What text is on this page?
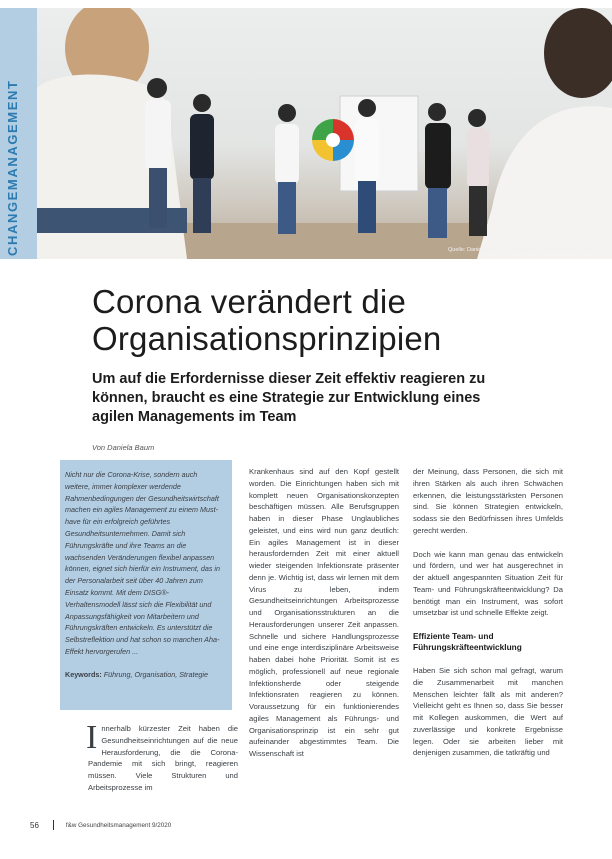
CHANGEMANAGEMENT	Quelle: Daniela Baum · Freistellung: Gesundheitswirtschaft
Corona verändert die Organisationsprinzipien
Um auf die Erfordernisse dieser Zeit effektiv reagieren zu können, braucht es eine Strategie zur Entwicklung eines agilen Managements im Team
Von Daniela Baum

Nicht nur die Corona-Krise, sondern auch weitere, immer komplexer werdende Rahmenbedingungen der Gesundheitswirtschaft machen ein agiles Management zu einem Must-have für ein erfolgreich geführtes Gesundheitsunternehmen. Damit sich Führungskräfte und ihre Teams an die wachsenden Veränderungen flexibel anpassen können, eignet sich hierfür ein Instrument, das in der Personalarbeit seit über 40 Jahren zum Einsatz kommt. Mit dem DISG®-Verhaltensmodell lässt sich die Flexibilität und Anpassungsfähigkeit von Mitarbeitern und Führungskräften entwickeln. Es unterstützt die Selbstreflektion und hat schon so manchen Aha-Effekt hervorgerufen ...

Keywords: Führung, Organisation, Strategie

I nnerhalb kürzester Zeit haben die Gesundheitseinrichtungen auf die neue Herausforderung, die die Corona-Pandemie mit sich bringt, reagieren müssen. Viele Strukturen und Arbeitsprozesse im

Krankenhaus sind auf den Kopf gestellt worden. Die Einrichtungen haben sich mit komplett neuen Organisationskonzepten beschäftigen müssen. Alle Berufsgruppen haben in dieser Phase Unglaubliches geleistet, und eins wird nun ganz deutlich: Ein agiles Management ist in dieser herausfordernden Zeit mit einer aktuell wieder steigenden Infektionsrate präsenter denn je. Wichtig ist, dass wir lernen mit dem Virus zu leben, indem Gesundheitseinrichtungen Arbeitsprozesse und Organisationsstrukturen an die Herausforderungen unserer Zeit anpassen. Schnelle und sichere Handlungsprozesse und eine enge interdisziplinäre Arbeitsweise haben dabei hohe Priorität. Somit ist es möglich, professionell auf neue regionale Infektionsherde oder steigende Infektionsraten reagieren zu können. Voraussetzung für ein funktionierendes agiles Management als Führungs- und Organisationsprinzip ist ein sehr gut aufeinander abgestimmtes Team. Die Wissenschaft ist

der Meinung, dass Personen, die sich mit ihren Stärken als auch ihren Schwächen erkennen, die leistungsstärksten Personen sind. Sie können Strategien entwickeln, sodass sie den Bedürfnissen ihres Umfelds gerecht werden.

Doch wie kann man genau das entwickeln und fördern, und wer hat ausgerechnet in der aktuell angespannten Situation Zeit für Team- und Führungskräfteentwicklung? Da benötigt man ein Instrument, was sofort umsetzbar ist und schnelle Effekte zeigt.

Effiziente Team- und Führungskräfteentwicklung

Haben Sie sich schon mal gefragt, warum die Zusammenarbeit mit manchen Menschen leichter fällt als mit anderen? Vielleicht geht es Ihnen so, dass Sie besser mit Kollegen auskommen, die Wert auf zuverlässige und konkrete Ergebnisse legen. Oder sie arbeiten lieber mit denjenigen zusammen, die tatkräftig und

56	f&w Gesundheitsmanagement 9/2020
